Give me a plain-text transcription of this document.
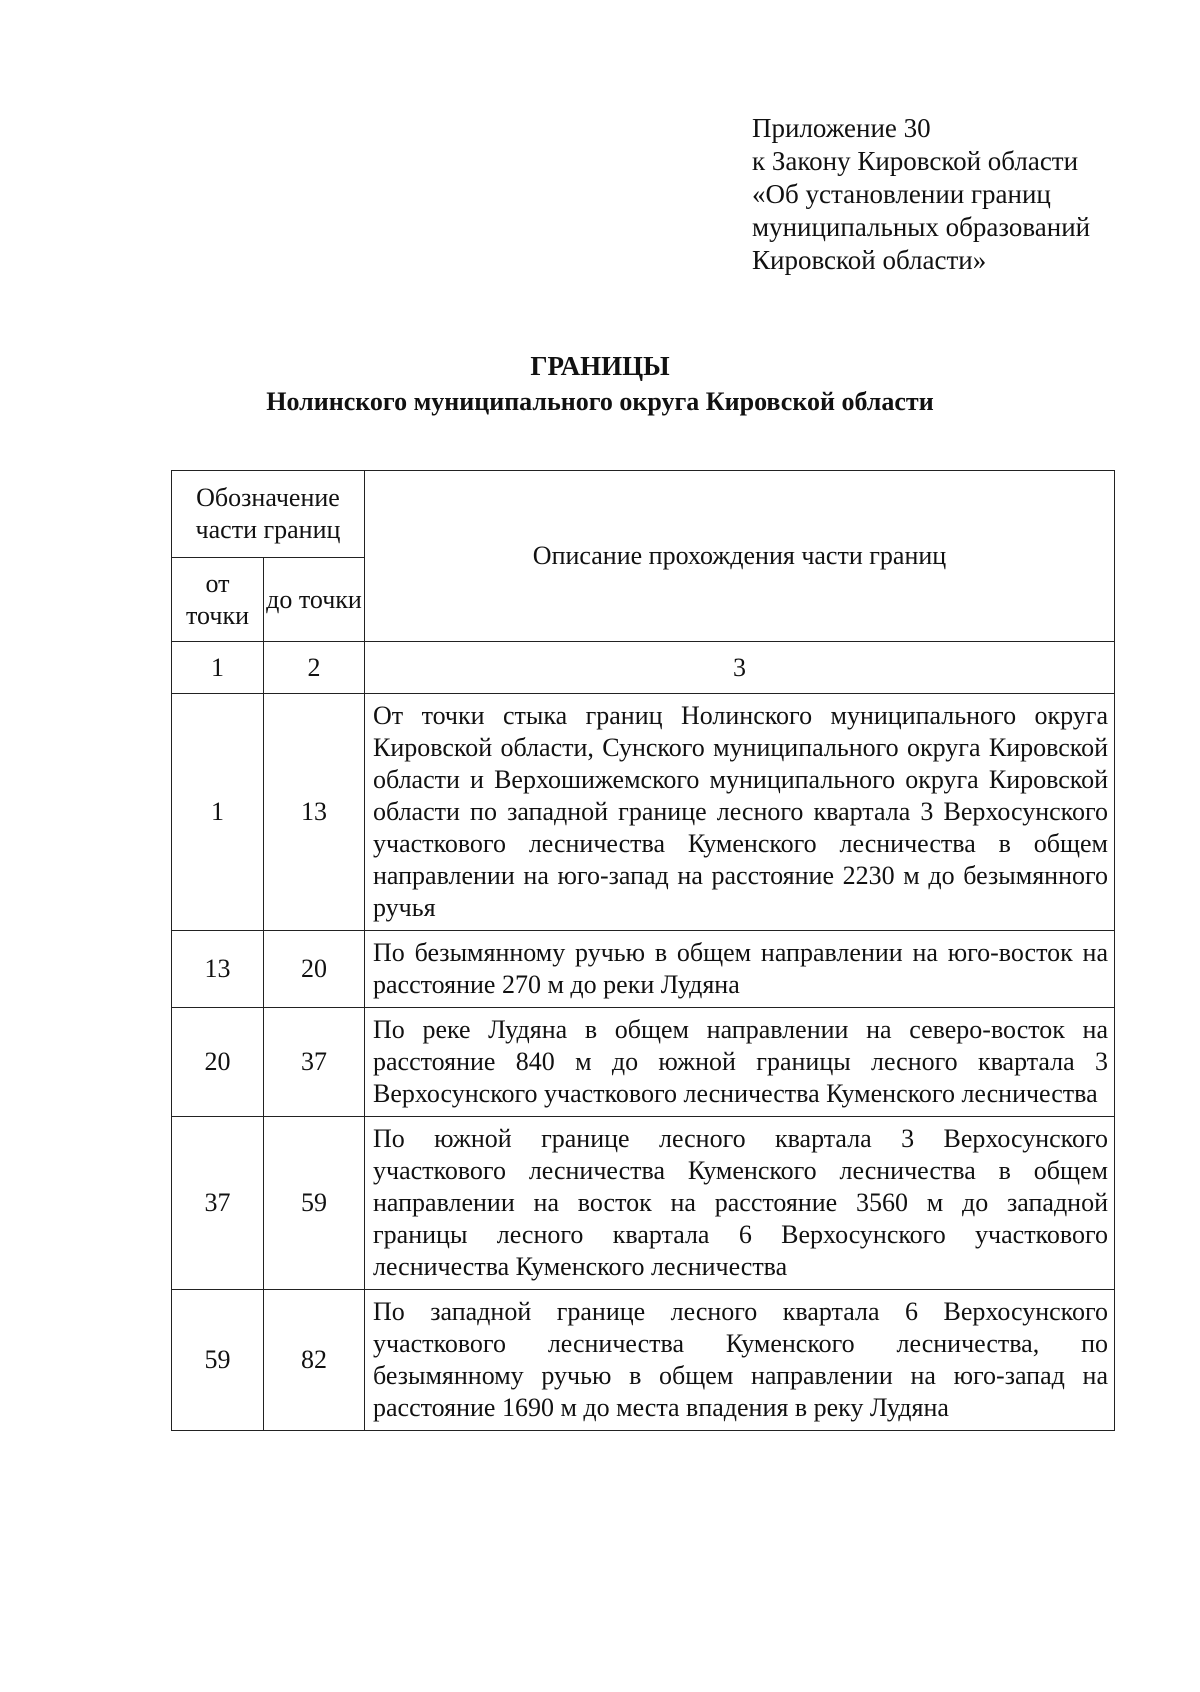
Приложение 30
к Закону Кировской области
«Об установлении границ
муниципальных образований
Кировской области»
ГРАНИЦЫ
Нолинского муниципального округа Кировской области
Обозначение части границ		Описание прохождения части границ
от точки	до точки	
1	2	3
1	13	От точки стыка границ Нолинского муниципального округа Кировской области, Сунского муниципального округа Кировской области и Верхошижемского муниципального округа Кировской области по западной границе лесного квартала 3 Верхосунского участкового лесничества Куменского лесничества в общем направлении на юго-запад на расстояние 2230 м до безымянного ручья
13	20	По безымянному ручью в общем направлении на юго-восток на расстояние 270 м до реки Лудяна
20	37	По реке Лудяна в общем направлении на северо-восток на расстояние 840 м до южной границы лесного квартала 3 Верхосунского участкового лесничества Куменского лесничества
37	59	По южной границе лесного квартала 3 Верхосунского участкового лесничества Куменского лесничества в общем направлении на восток на расстояние 3560 м до западной границы лесного квартала 6 Верхосунского участкового лесничества Куменского лесничества
59	82	По западной границе лесного квартала 6 Верхосунского участкового лесничества Куменского лесничества, по безымянному ручью в общем направлении на юго-запад на расстояние 1690 м до места впадения в реку Лудяна
